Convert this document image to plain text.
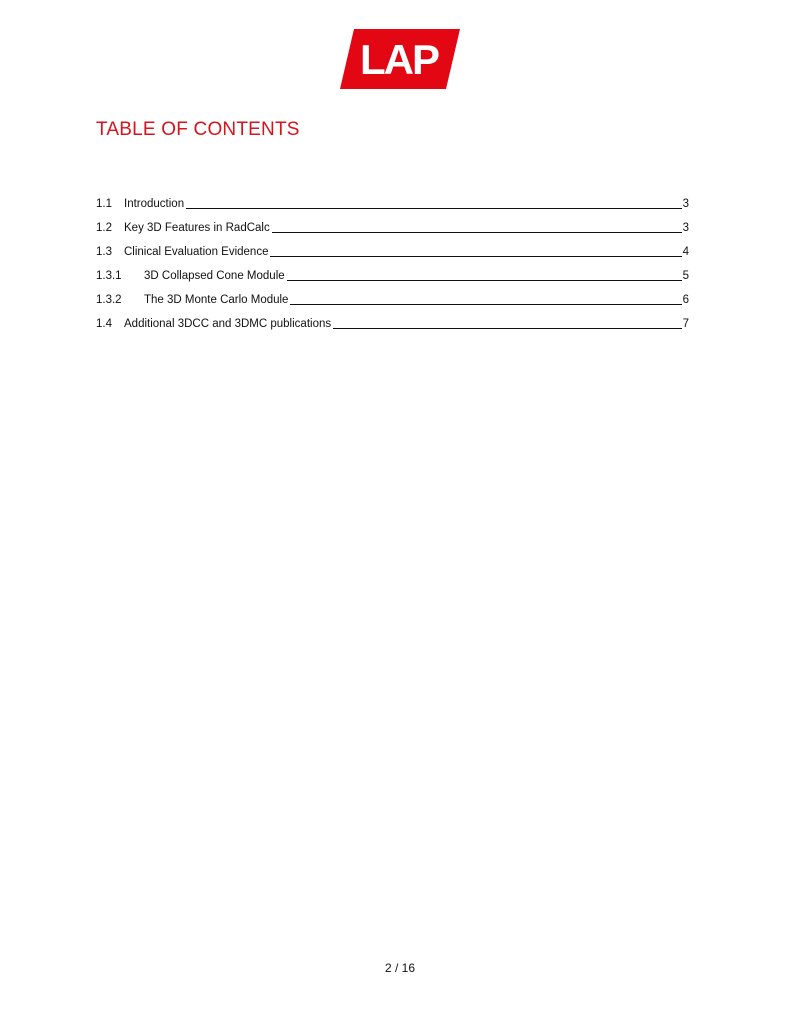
LAP
TABLE OF CONTENTS
1.1	Introduction	3
1.2	Key 3D Features in RadCalc	3
1.3	Clinical Evaluation Evidence	4
1.3.1	3D Collapsed Cone Module	5
1.3.2	The 3D Monte Carlo Module	6
1.4	Additional 3DCC and 3DMC publications	7
2 / 16
